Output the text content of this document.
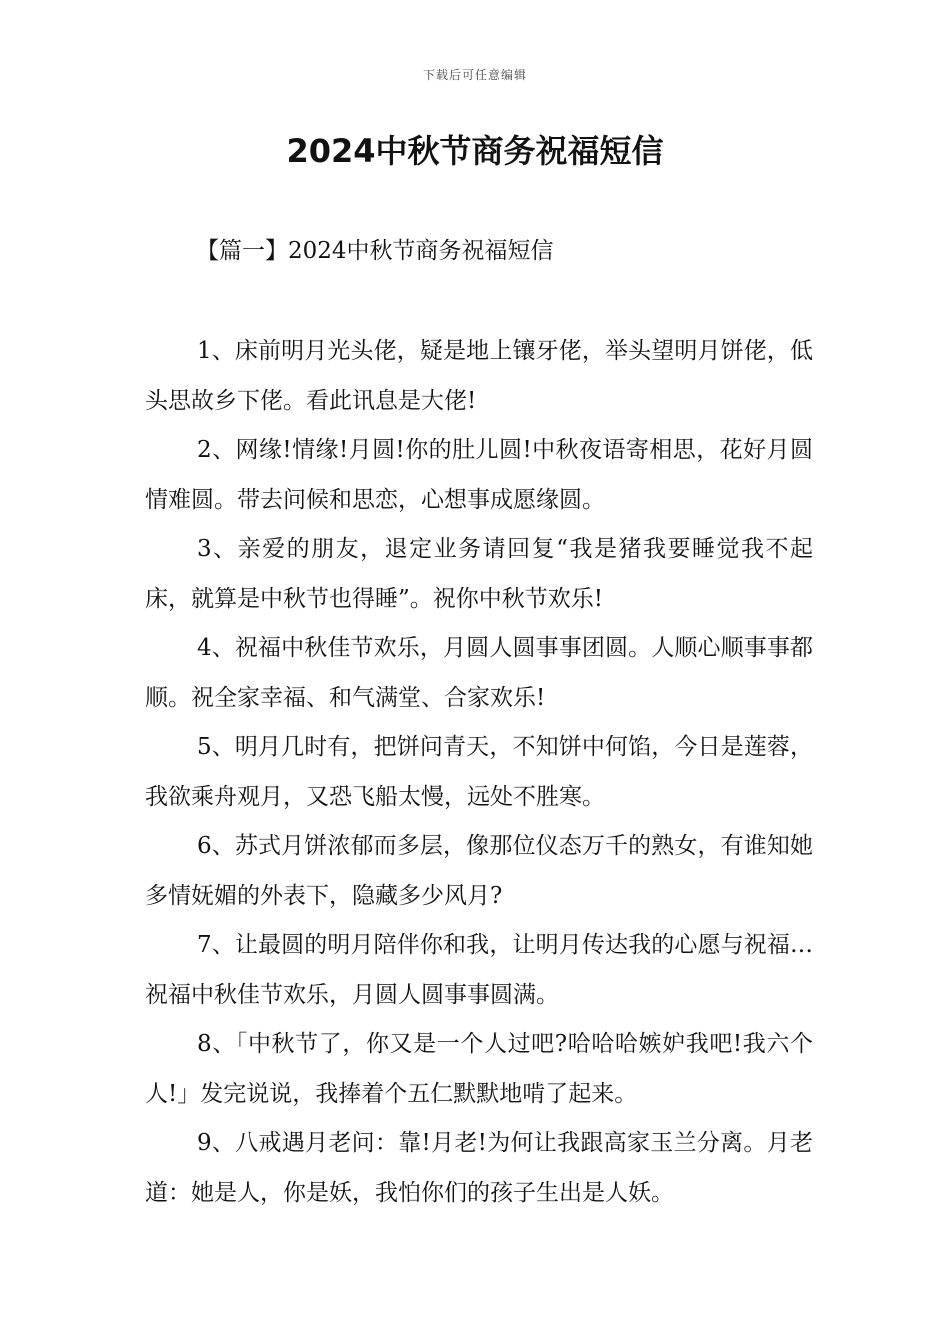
下载后可任意编辑
2024中秋节商务祝福短信
【篇一】2024中秋节商务祝福短信

1、床前明月光头佬，疑是地上镶牙佬，举头望明月饼佬，低头思故乡下佬。看此讯息是大佬!

2、网缘!情缘!月圆!你的肚儿圆!中秋夜语寄相思，花好月圆情难圆。带去问候和思恋，心想事成愿缘圆。

3、亲爱的朋友，退定业务请回复“我是猪我要睡觉我不起床，就算是中秋节也得睡”。祝你中秋节欢乐!

4、祝福中秋佳节欢乐，月圆人圆事事团圆。人顺心顺事事都顺。祝全家幸福、和气满堂、合家欢乐!

5、明月几时有，把饼问青天，不知饼中何馅，今日是莲蓉，我欲乘舟观月，又恐飞船太慢，远处不胜寒。

6、苏式月饼浓郁而多层，像那位仪态万千的熟女，有谁知她多情妩媚的外表下，隐藏多少风月?

7、让最圆的明月陪伴你和我，让明月传达我的心愿与祝福…祝福中秋佳节欢乐，月圆人圆事事圆满。

8、「中秋节了，你又是一个人过吧?哈哈哈嫉妒我吧!我六个人!」发完说说，我捧着个五仁默默地啃了起来。

9、八戒遇月老问：靠!月老!为何让我跟高家玉兰分离。月老道：她是人，你是妖，我怕你们的孩子生出是人妖。
